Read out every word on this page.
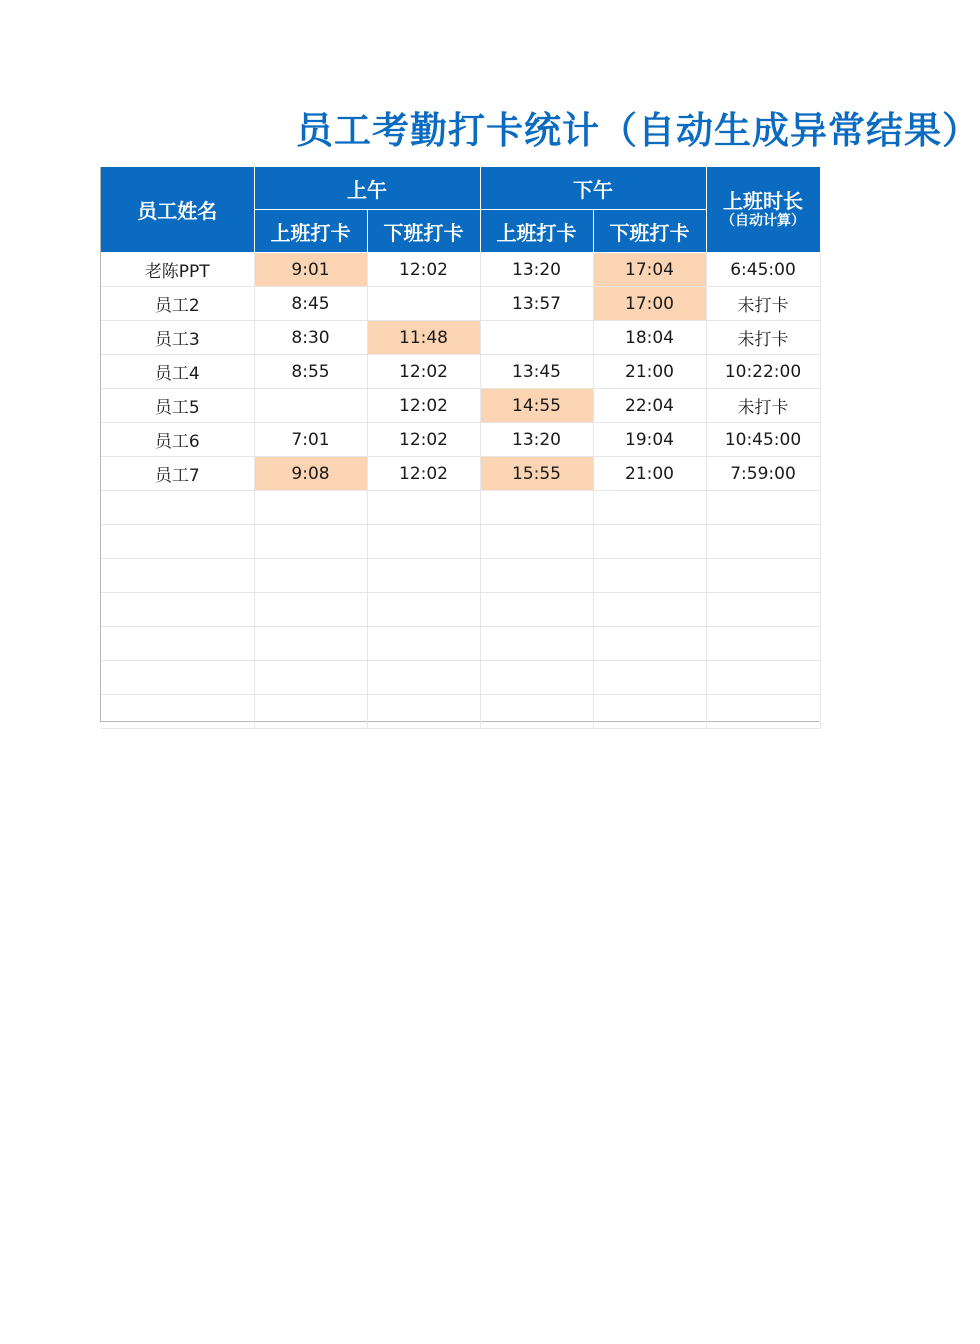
员工考勤打卡统计（自动生成异常结果）
员工姓名	上午		下午		上班时长
（自动计算）

	上班打卡	下班打卡	上班打卡	下班打卡	
老陈PPT	9:01	12:02	13:20	17:04	6:45:00
员工2	8:45		13:57	17:00	未打卡
员工3	8:30	11:48		18:04	未打卡
员工4	8:55	12:02	13:45	21:00	10:22:00
员工5		12:02	14:55	22:04	未打卡
员工6	7:01	12:02	13:20	19:04	10:45:00
员工7	9:08	12:02	15:55	21:00	7:59:00
